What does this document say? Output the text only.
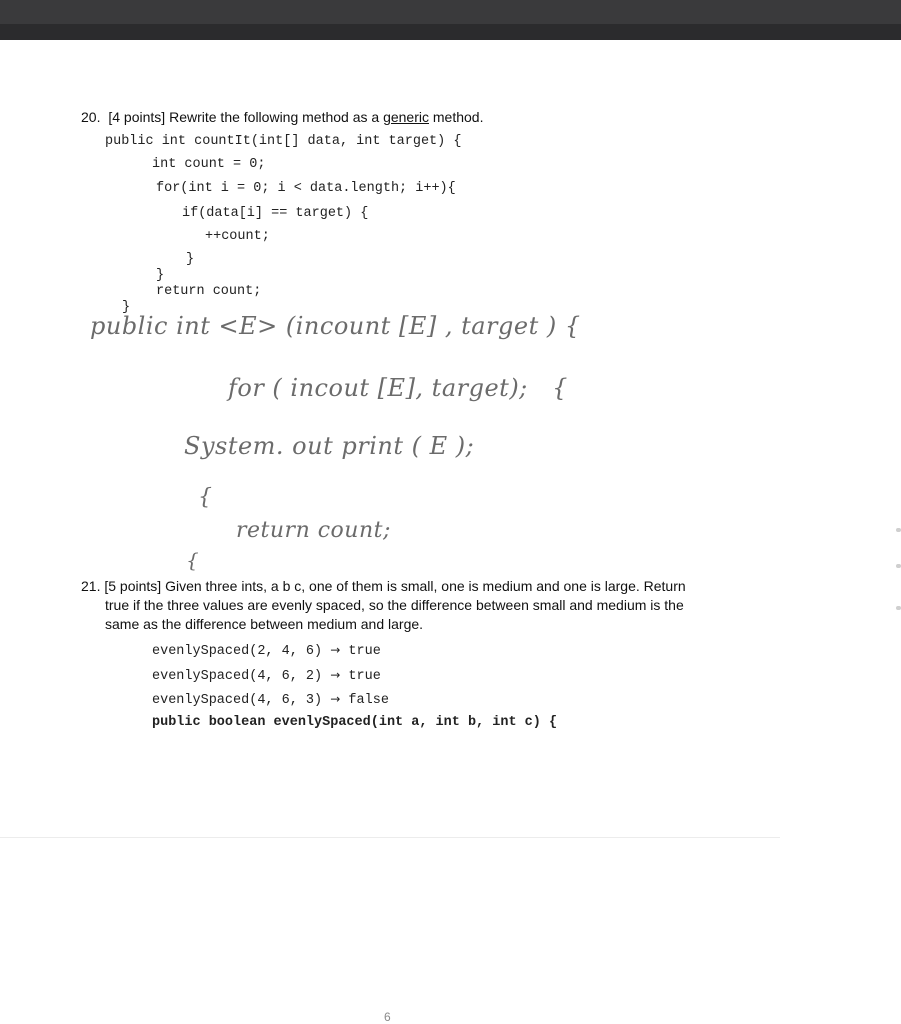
20. [4 points] Rewrite the following method as a generic method.
public int countIt(int[] data, int target) {
int count = 0;
for(int i = 0; i < data.length; i++){
if(data[i] == target) {
++count;
}
}
return count;
}
public int <E> (incount [E] , target ) {
for ( incout [E], target);   {
System. out print ( E );
{
return count;
{
21. [5 points] Given three ints, a b c, one of them is small, one is medium and one is large. Return
true if the three values are evenly spaced, so the difference between small and medium is the
same as the difference between medium and large.
evenlySpaced(2, 4, 6) → true
evenlySpaced(4, 6, 2) → true
evenlySpaced(4, 6, 3) → false
public boolean evenlySpaced(int a, int b, int c) {
6
